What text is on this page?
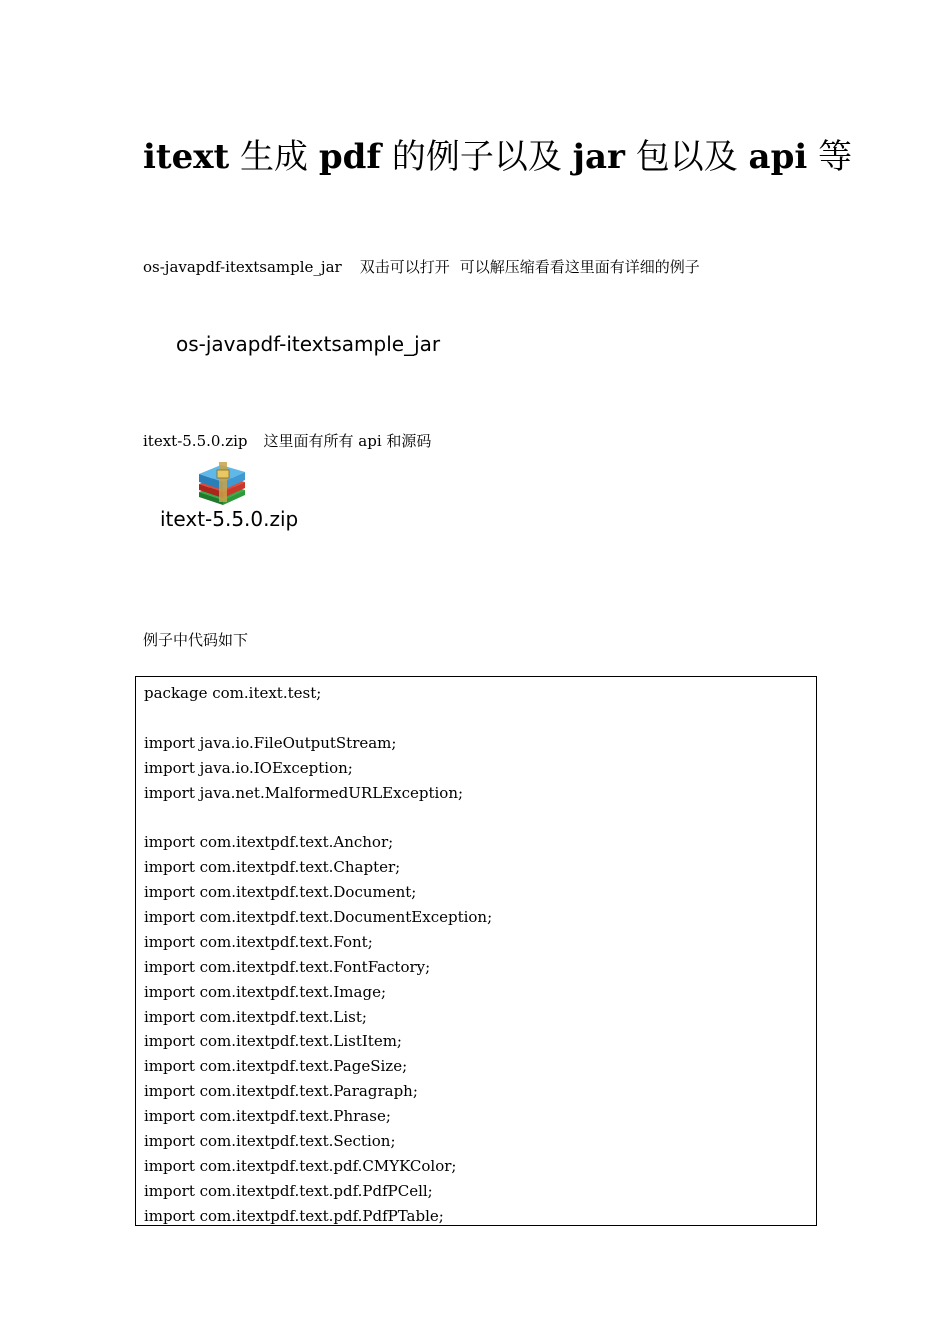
itext 生成 pdf 的例子以及 jar 包以及 api 等
os-javapdf-itextsample_jar 双击可以打开 可以解压缩看看这里面有详细的例子
os-javapdf-itextsample_jar
itext-5.5.0.zip 这里面有所有 api 和源码
itext-5.5.0.zip
例子中代码如下
package com.itext.test;
import java.io.FileOutputStream;
import java.io.IOException;
import java.net.MalformedURLException;
import com.itextpdf.text.Anchor;
import com.itextpdf.text.Chapter;
import com.itextpdf.text.Document;
import com.itextpdf.text.DocumentException;
import com.itextpdf.text.Font;
import com.itextpdf.text.FontFactory;
import com.itextpdf.text.Image;
import com.itextpdf.text.List;
import com.itextpdf.text.ListItem;
import com.itextpdf.text.PageSize;
import com.itextpdf.text.Paragraph;
import com.itextpdf.text.Phrase;
import com.itextpdf.text.Section;
import com.itextpdf.text.pdf.CMYKColor;
import com.itextpdf.text.pdf.PdfPCell;
import com.itextpdf.text.pdf.PdfPTable;
